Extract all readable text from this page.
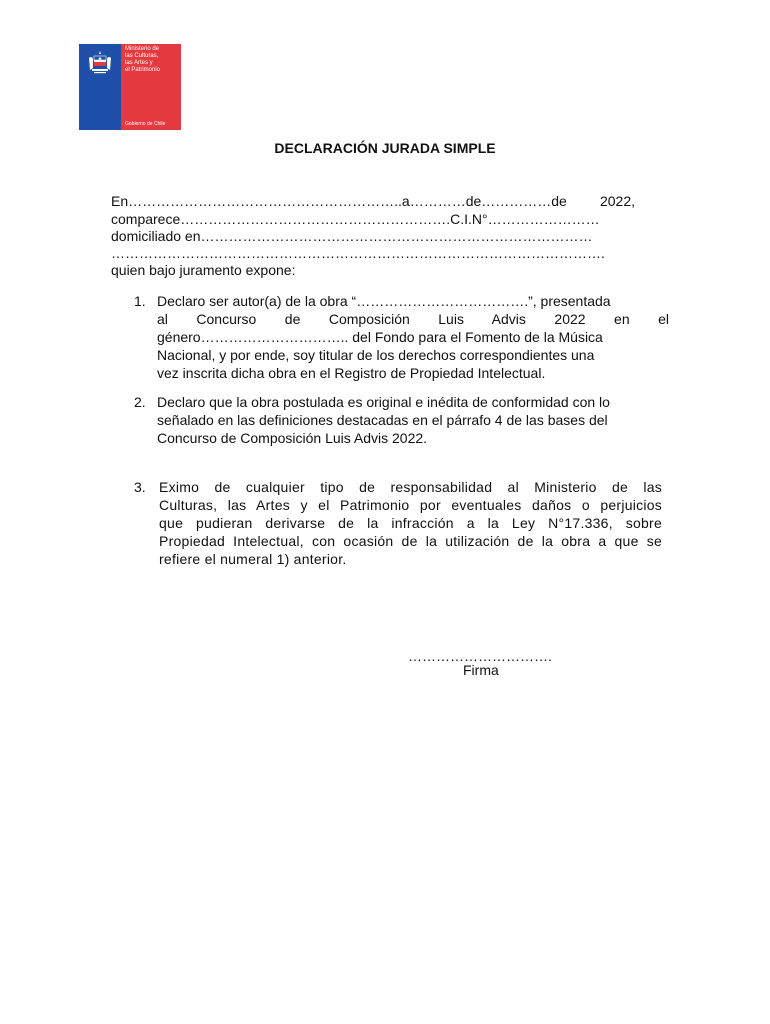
Ministerio de
las Culturas,
las Artes y
el Patrimonio
Gobierno de Chile
DECLARACIÓN JURADA SIMPLE
En…………………………………………………..a…………de……………de 2022,
comparece………………………………………………….C.I.N°……………………
domiciliado en…………………………………………………………………………
…………………………………………………………………………………………….
quien bajo juramento expone:
1. Declaro ser autor(a) de la obra “……………………………….”, presentada
al Concurso de Composición Luis Advis 2022 en el
género………………………….. del Fondo para el Fomento de la Música
Nacional, y por ende, soy titular de los derechos correspondientes una
vez inscrita dicha obra en el Registro de Propiedad Intelectual.
2. Declaro que la obra postulada es original e inédita de conformidad con lo
señalado en las definiciones destacadas en el párrafo 4 de las bases del
Concurso de Composición Luis Advis 2022.
3. Eximo de cualquier tipo de responsabilidad al Ministerio de las
Culturas, las Artes y el Patrimonio por eventuales daños o perjuicios
que pudieran derivarse de la infracción a la Ley N°17.336, sobre
Propiedad Intelectual, con ocasión de la utilización de la obra a que se
refiere el numeral 1) anterior.
………………………….
Firma
